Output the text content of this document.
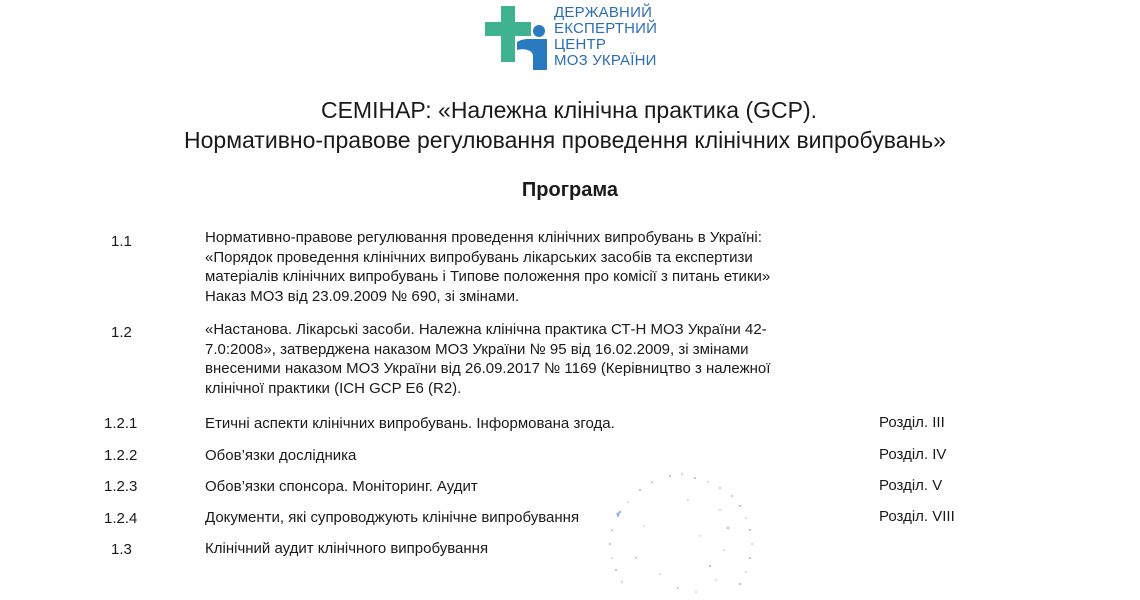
ДЕРЖАВНИЙ
ЕКСПЕРТНИЙ
ЦЕНТР
МОЗ УКРАЇНИ
СЕМІНАР: «Належна клінічна практика (GCP).
Нормативно-правове регулювання проведення клінічних випробувань»
Програма
1.1	Нормативно-правове регулювання проведення клінічних випробувань в Україні:
«Порядок проведення клінічних випробувань лікарських засобів та експертизи
матеріалів клінічних випробувань і Типове положення про комісії з питань етики»
Наказ МОЗ від 23.09.2009 № 690, зі змінами.
1.2	«Настанова. Лікарські засоби. Належна клінічна практика СТ-Н МОЗ України 42-
7.0:2008», затверджена наказом МОЗ України № 95 від 16.02.2009, зі змінами
внесеними наказом МОЗ України від 26.09.2017 № 1169 (Керівництво з належної
клінічної практики (ICH GCP E6 (R2).
1.2.1	Етичні аспекти клінічних випробувань. Інформована згода.	Розділ. III
1.2.2	Обов’язки дослідника	Розділ. IV
1.2.3	Обов’язки спонсора. Моніторинг. Аудит	Розділ. V
1.2.4	Документи, які супроводжують клінічне випробування	Розділ. VIII
1.3	Клінічний аудит клінічного випробування
